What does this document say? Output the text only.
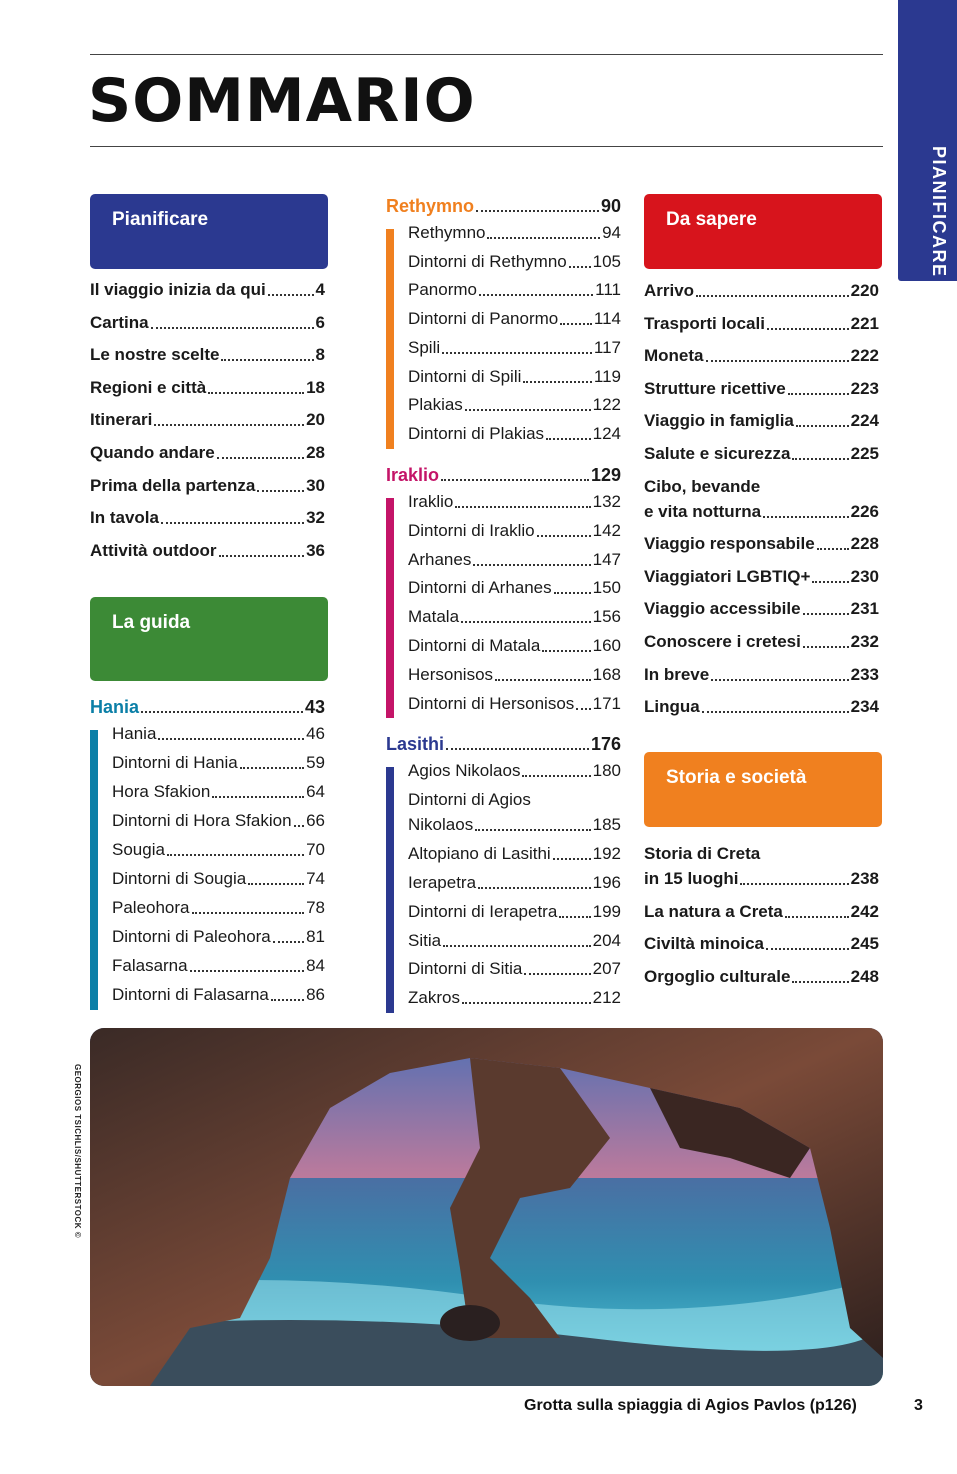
SOMMARIO
PIANIFICARE
Pianificare
Il viaggio inizia da qui	4
Cartina	6
Le nostre scelte	8
Regioni e città	18
Itinerari	20
Quando andare	28
Prima della partenza	30
In tavola	32
Attività outdoor	36
La guida
Hania	43
Hania	46
Dintorni di Hania	59
Hora Sfakion	64
Dintorni di Hora Sfakion 66
Sougia	70
Dintorni di Sougia	74
Paleohora	78
Dintorni di Paleohora 81
Falasarna	84
Dintorni di Falasarna 86
Rethymno	90
Rethymno	94
Dintorni di Rethymno 105
Panormo	111
Dintorni di Panormo 114
Spili	117
Dintorni di Spili	119
Plakias	122
Dintorni di Plakias	124
Iraklio	129
Iraklio	132
Dintorni di Iraklio	142
Arhanes	147
Dintorni di Arhanes 150
Matala	156
Dintorni di Matala	160
Hersonisos	168
Dintorni di Hersonisos 171
Lasithi	176
Agios Nikolaos	180
Dintorni di Agios
Nikolaos	185
Altopiano di Lasithi 192
Ierapetra	196
Dintorni di Ierapetra 199
Sitia	204
Dintorni di Sitia	207
Zakros	212
Da sapere
Arrivo	220
Trasporti locali	221
Moneta	222
Strutture ricettive	223
Viaggio in famiglia	224
Salute e sicurezza	225
Cibo, bevande
e vita notturna	226
Viaggio responsabile 228
Viaggiatori LGBTIQ+ 230
Viaggio accessibile	231
Conoscere i cretesi	232
In breve	233
Lingua	234
Storia e società
Storia di Creta
in 15 luoghi	238
La natura a Creta	242
Civiltà minoica	245
Orgoglio culturale	248
GEORGIOS TSICHLIS/SHUTTERSTOCK ©
Grotta sulla spiaggia di Agios Pavlos (p126)	3
